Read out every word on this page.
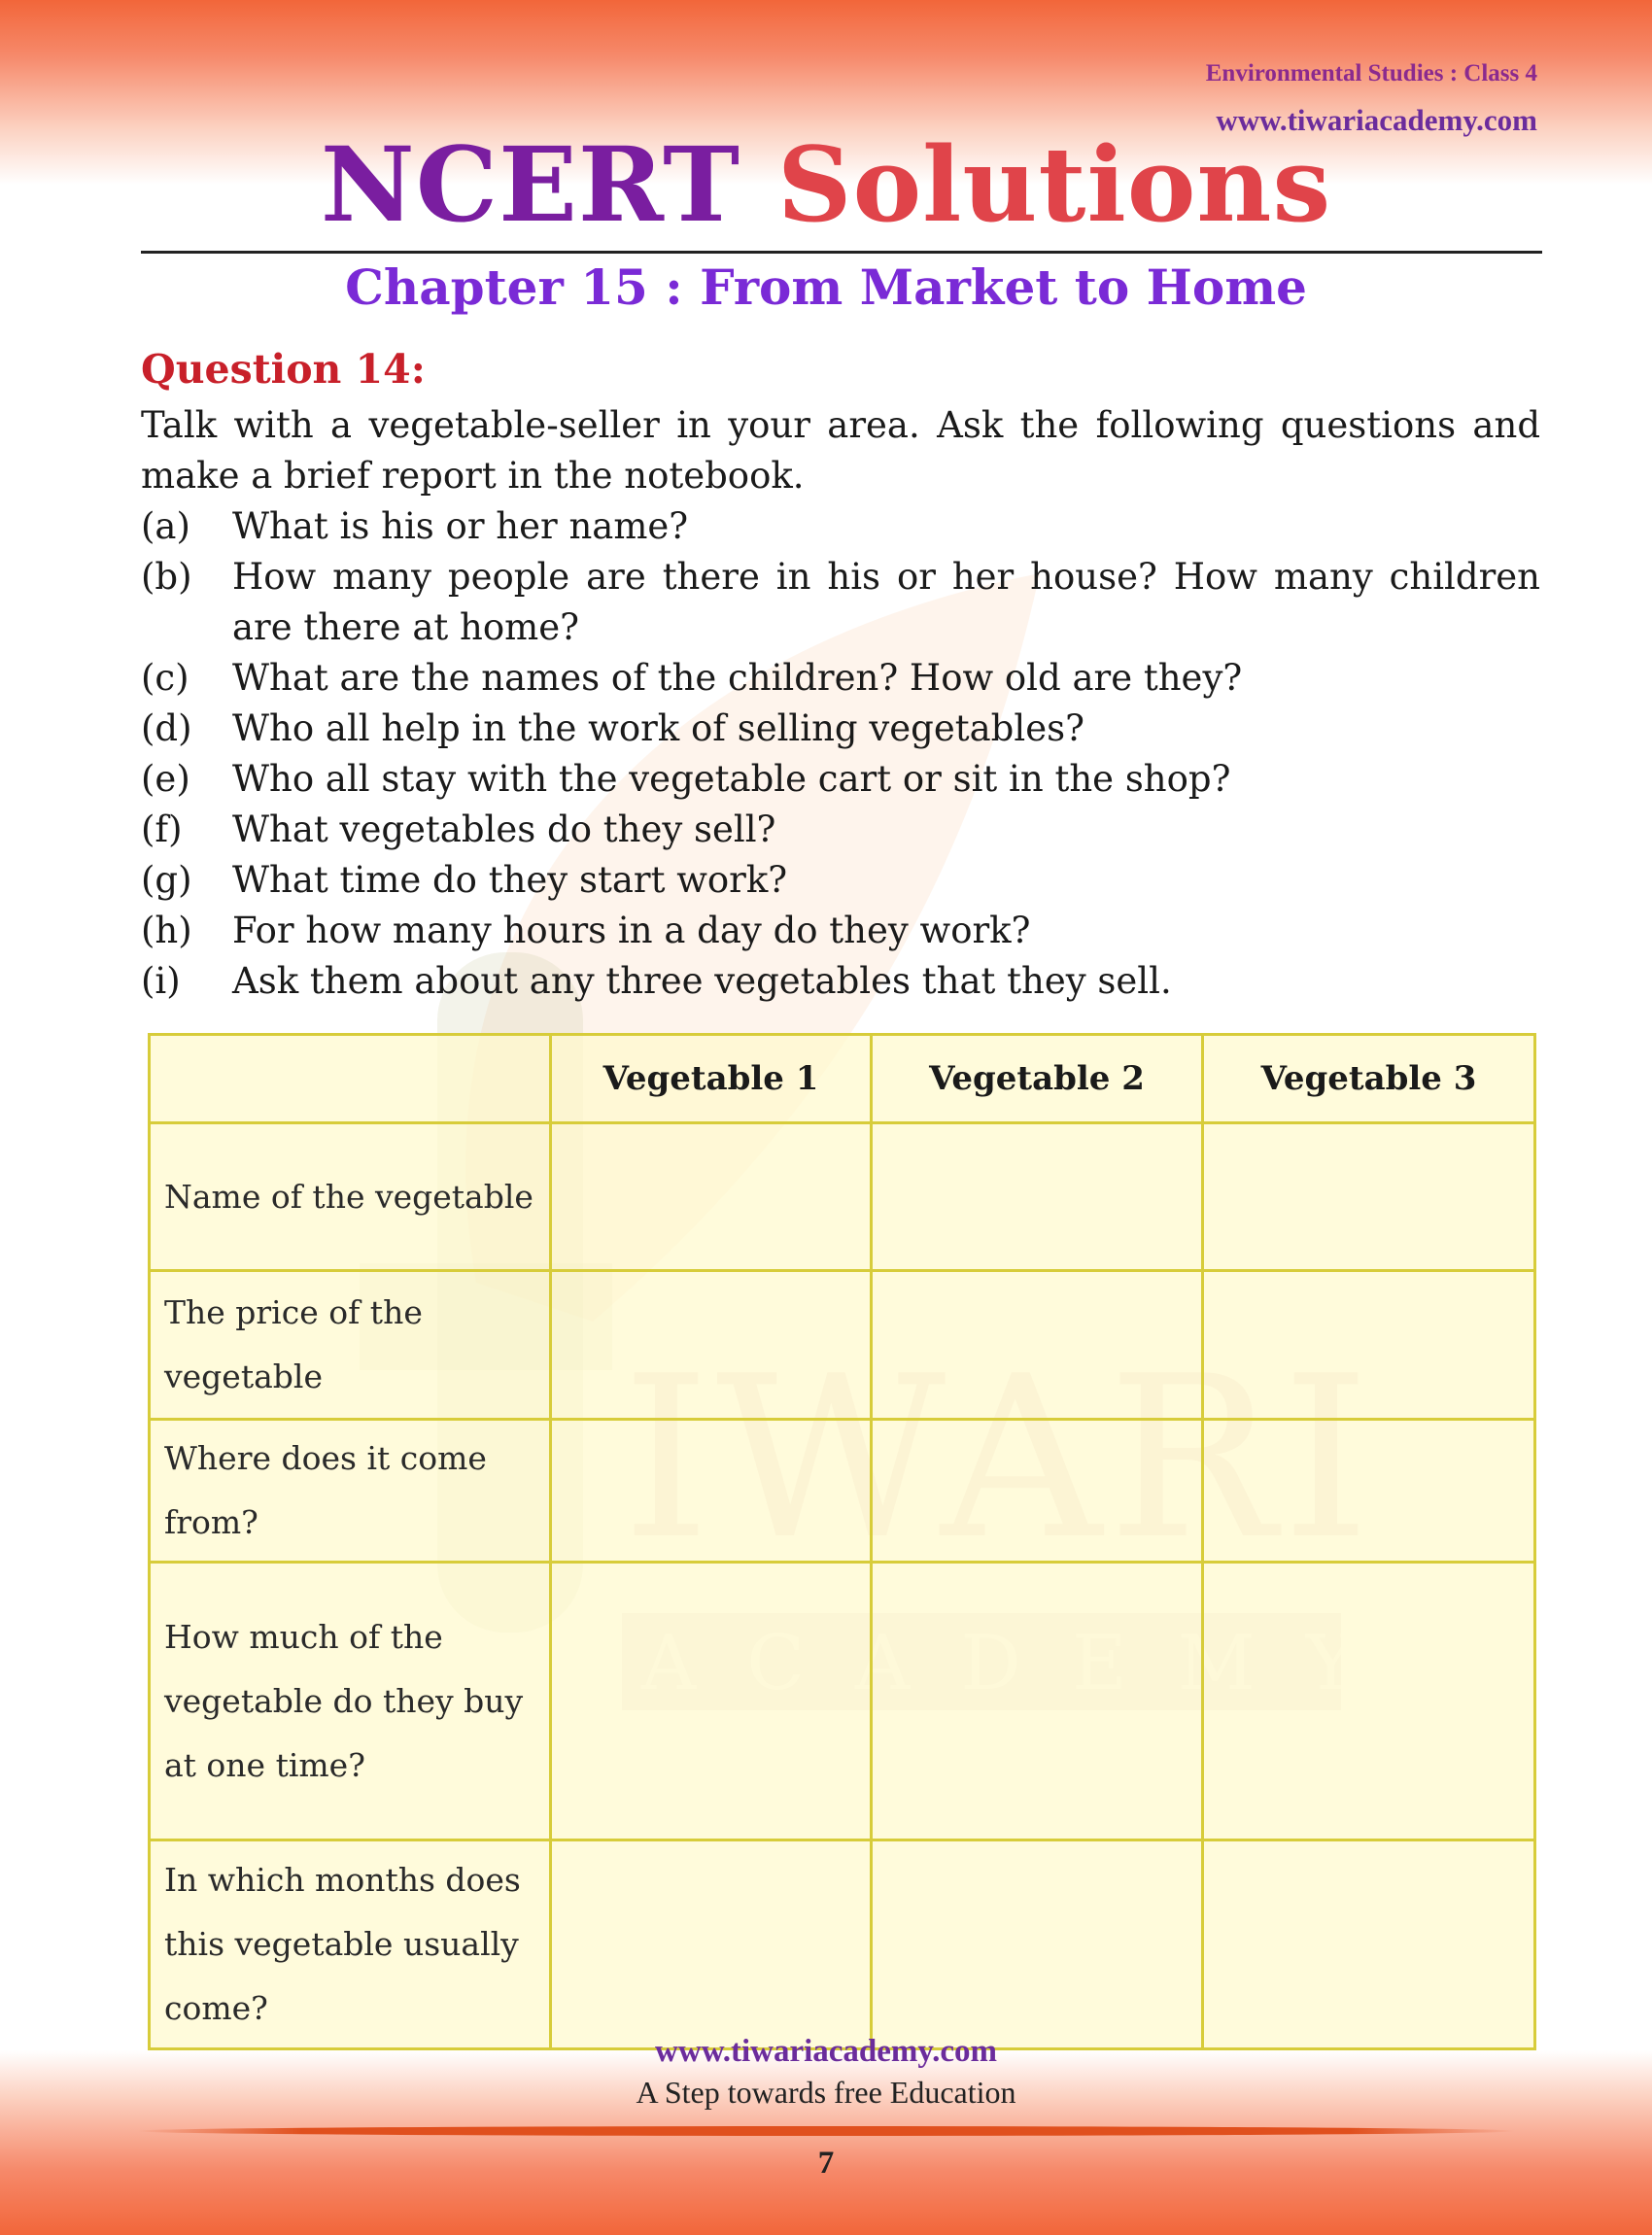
Environmental Studies : Class 4
www.tiwariacademy.com
NCERT Solutions
Chapter 15 : From Market to Home
Question 14:

Talk with a vegetable-seller in your area. Ask the following questions and make a brief report in the notebook.

(a)	What is his or her name?
(b)	How many people are there in his or her house? How many children are there at home?
(c)	What are the names of the children? How old are they?
(d)	Who all help in the work of selling vegetables?
(e)	Who all stay with the vegetable cart or sit in the shop?
(f)	What vegetables do they sell?
(g)	What time do they start work?
(h)	For how many hours in a day do they work?
(i)	Ask them about any three vegetables that they sell.
	Vegetable 1	Vegetable 2	Vegetable 3
Name of the vegetable			
The price of the vegetable			
Where does it come from?			
How much of the vegetable do they buy at one time?			
In which months does this vegetable usually come?			
www.tiwariacademy.com
A Step towards free Education
7
